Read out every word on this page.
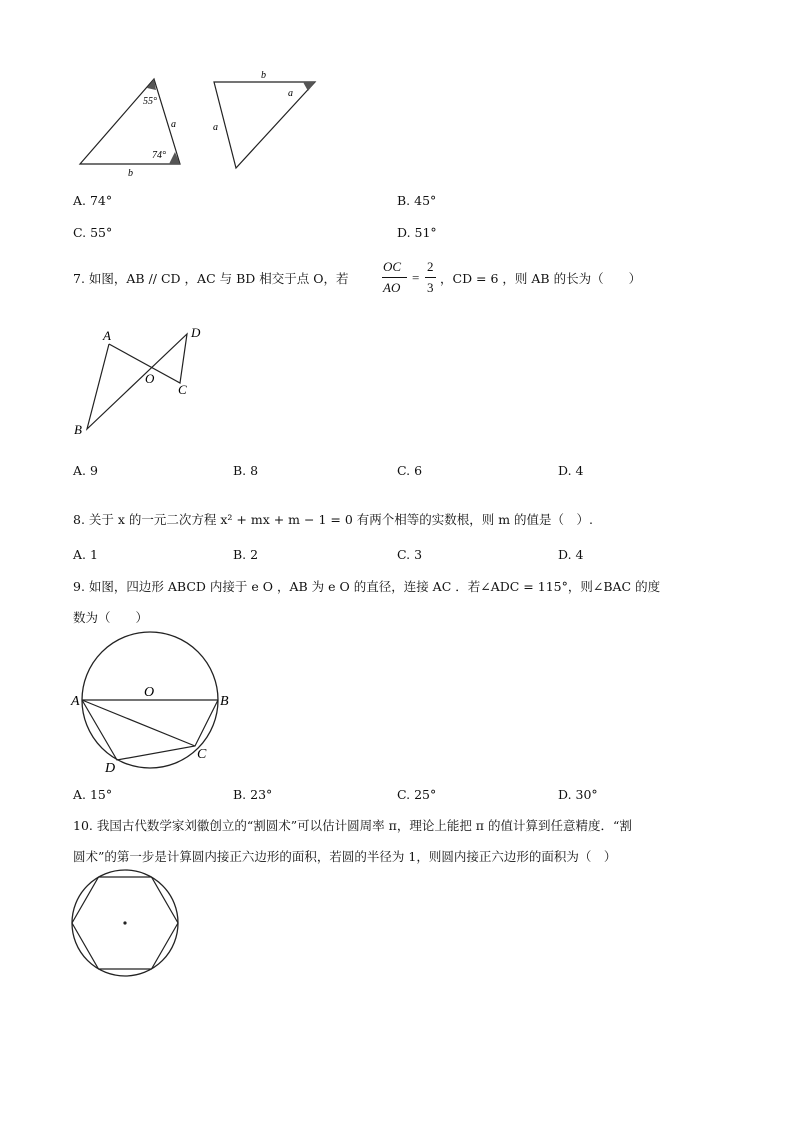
55°
74°
a
b
b
a
a
A. 74°	B. 45°
C. 55°	D. 51°
7. 如图，AB // CD ，AC 与 BD 相交于点 O，若
OC
AO
=
2
3
，CD = 6 ，则 AB 的长为（　　）
A	D
O
C
B
A. 9	B. 8	C. 6	D. 4
8. 关于 x 的一元二次方程 x² + mx + m − 1 = 0 有两个相等的实数根，则 m 的值是（　）.
A. 1	B. 2	C. 3	D. 4
9. 如图，四边形 ABCD 内接于 e O ，AB 为 e O 的直径，连接 AC ．若∠ADC = 115°，则∠BAC 的度
数为（　　）
O
A	B
C
D
A. 15°	B. 23°	C. 25°	D. 30°
10. 我国古代数学家刘徽创立的“割圆术”可以估计圆周率 π，理论上能把 π 的值计算到任意精度．“割
圆术”的第一步是计算圆内接正六边形的面积，若圆的半径为 1，则圆内接正六边形的面积为（　）
